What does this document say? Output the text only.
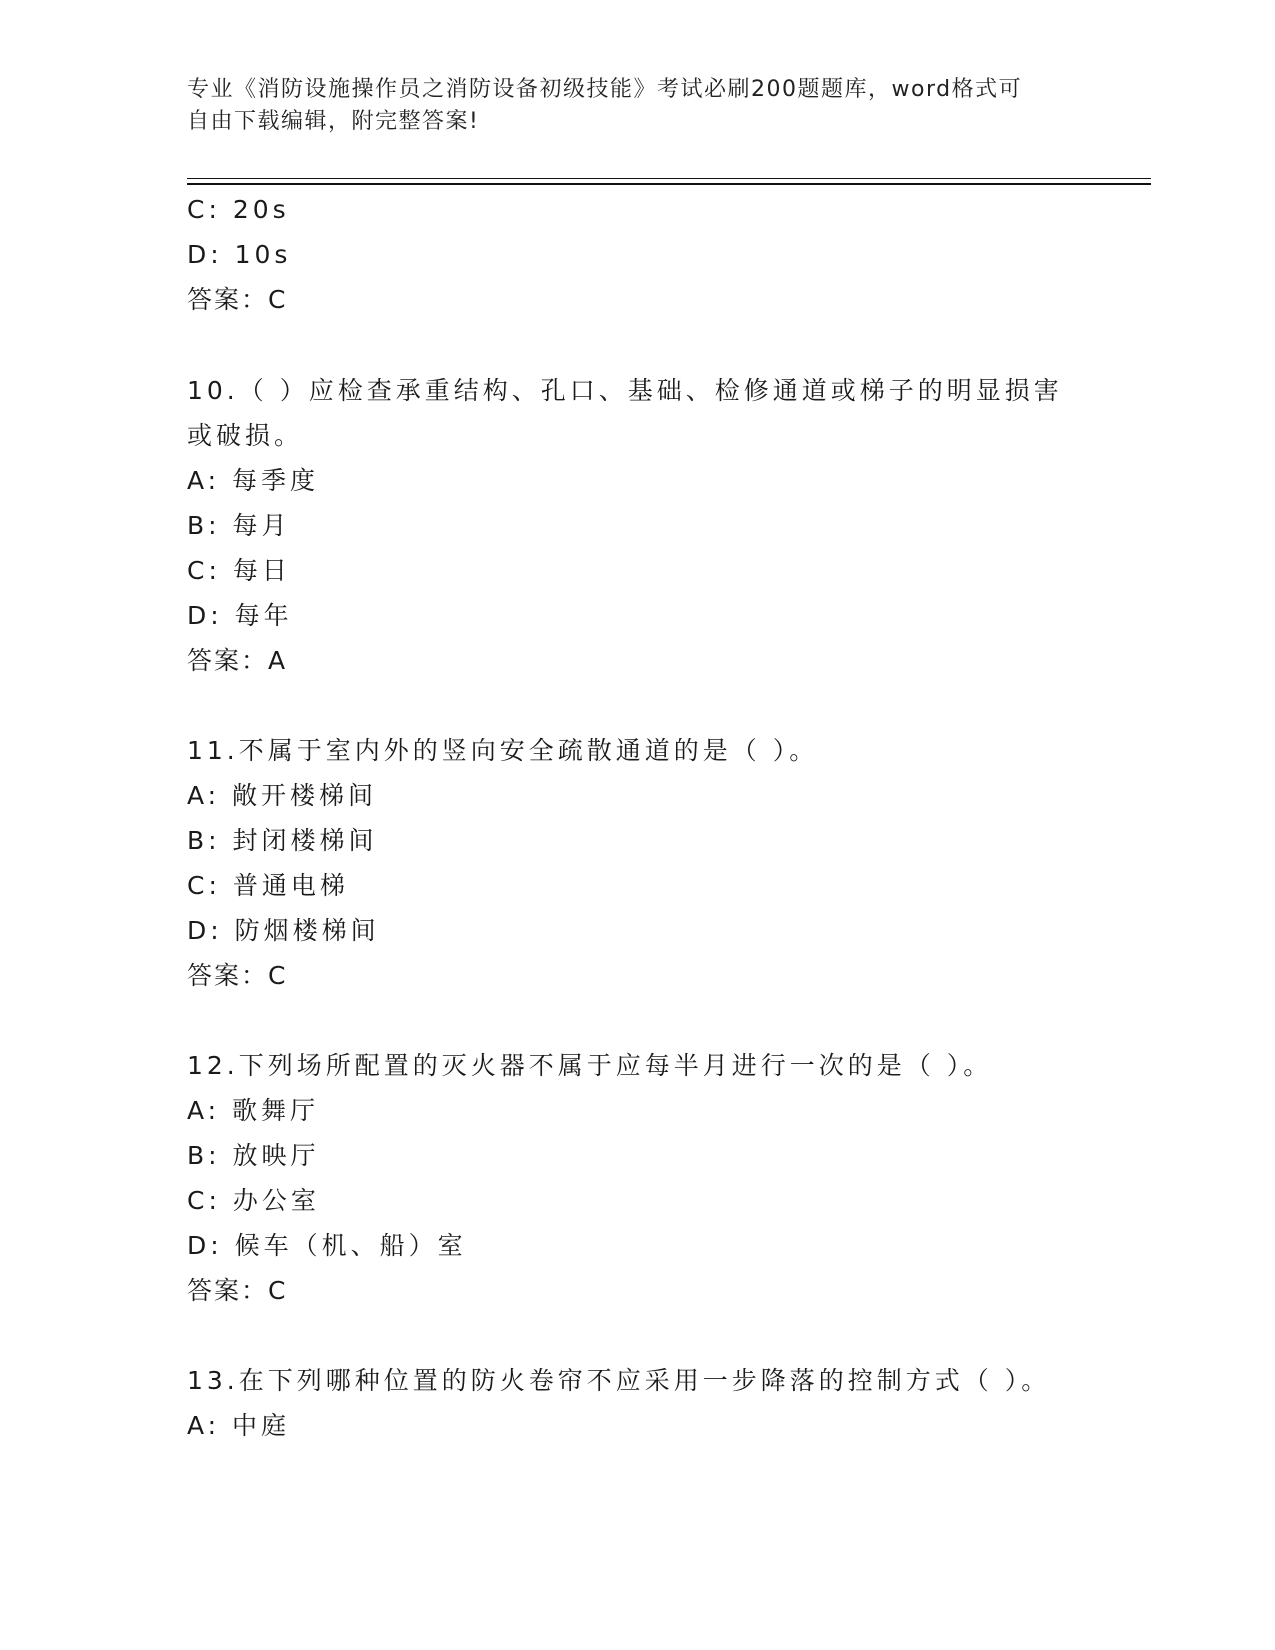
专业《消防设施操作员之消防设备初级技能》考试必刷200题题库，word格式可
自由下载编辑，附完整答案!
C: 20s
D: 10s
答案：C
10.（ ）应检查承重结构、孔口、基础、检修通道或梯子的明显损害
或破损。
A: 每季度
B: 每月
C: 每日
D: 每年
答案：A
11.不属于室内外的竖向安全疏散通道的是（ ）。
A: 敞开楼梯间
B: 封闭楼梯间
C: 普通电梯
D: 防烟楼梯间
答案：C
12.下列场所配置的灭火器不属于应每半月进行一次的是（ ）。
A: 歌舞厅
B: 放映厅
C: 办公室
D: 候车（机、船）室
答案：C
13.在下列哪种位置的防火卷帘不应采用一步降落的控制方式（ ）。
A: 中庭
